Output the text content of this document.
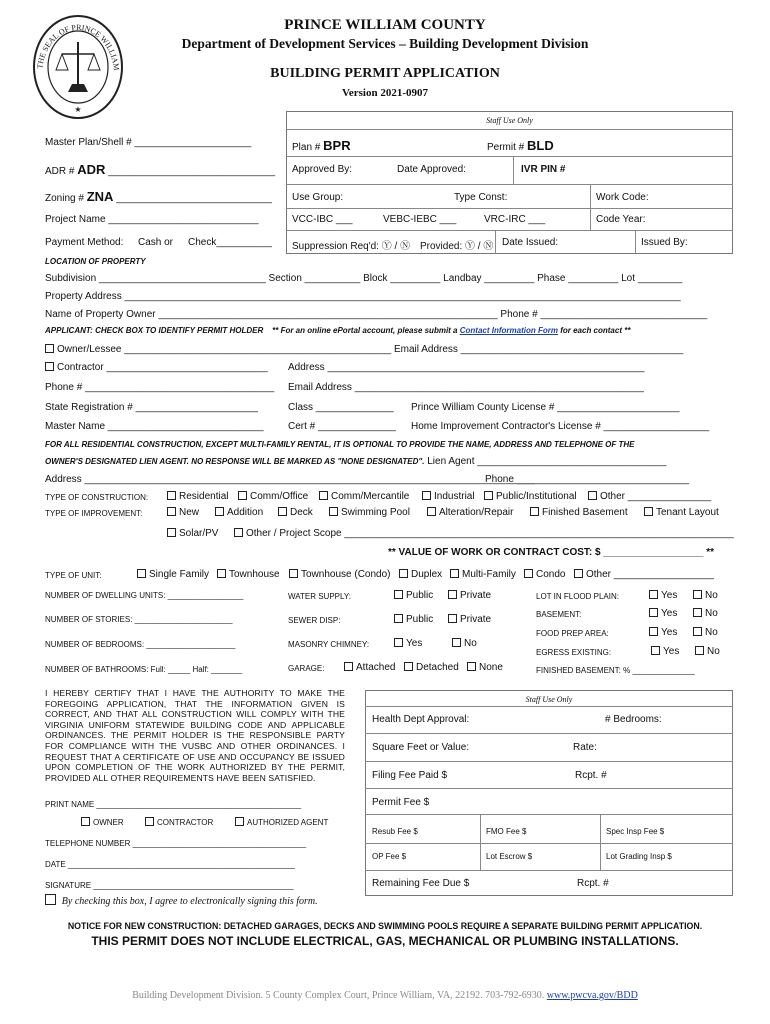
★
THE SEAL OF PRINCE WILLIAM
PRINCE WILLIAM COUNTY
Department of Development Services – Building Development Division
BUILDING PERMIT APPLICATION
Version 2021-0907
Staff Use Only
Plan # BPR	Permit # BLD
Approved By:	Date Approved:	IVR PIN #
Use Group:	Type Const:	Work Code:
VCC-IBC ___	VEBC-IEBC ___	VRC-IRC ___	Code Year:
Suppression Req'd: Ⓨ / Ⓝ Provided: Ⓨ / Ⓝ Date Issued:	Issued By:
Master Plan/Shell # _____________________
ADR # ADR ______________________________
Zoning # ZNA ____________________________
Project Name ___________________________
Payment Method: Cash or Check__________
LOCATION OF PROPERTY
Subdivision ______________________________ Section __________ Block _________ Landbay _________ Phase _________ Lot ________
Property Address ____________________________________________________________________________________________________
Name of Property Owner _____________________________________________________________ Phone # ______________________________
APPLICANT: CHECK BOX TO IDENTIFY PERMIT HOLDER ** For an online ePortal account, please submit a Contact Information Form for each contact **
Owner/Lessee ________________________________________________ Email Address ________________________________________
Contractor _____________________________ Address _________________________________________________________
Phone # __________________________________ Email Address ____________________________________________________
State Registration # ______________________	Class ______________ Prince William County License # ______________________
Master Name ____________________________ Cert # ______________ Home Improvement Contractor's License # ___________________
FOR ALL RESIDENTIAL CONSTRUCTION, EXCEPT MULTI-FAMILY RENTAL, IT IS OPTIONAL TO PROVIDE THE NAME, ADDRESS AND TELEPHONE OF THE
OWNER'S DESIGNATED LIEN AGENT. NO RESPONSE WILL BE MARKED AS "NONE DESIGNATED". Lien Agent __________________________________
Address _________________________________________________________________________________
Phone _______________________________
TYPE OF CONSTRUCTION:	Residential	Comm/Office	Comm/Mercantile	Industrial	Public/Institutional	Other _______________
TYPE OF IMPROVEMENT:	New	Addition	Deck	Swimming Pool	Alteration/Repair	Finished Basement	Tenant Layout
Solar/PV	Other / Project Scope ______________________________________________________________________
** VALUE OF WORK OR CONTRACT COST: $ __________________ **
TYPE OF UNIT:	Single Family	Townhouse	Townhouse (Condo)	Duplex	Multi-Family	Condo	Other __________________
NUMBER OF DWELLING UNITS: _________________
NUMBER OF STORIES: ______________________
NUMBER OF BEDROOMS: ____________________
NUMBER OF BATHROOMS: Full: _____ Half: _______
WATER SUPPLY:	Public	Private
SEWER DISP:	Public	Private
MASONRY CHIMNEY:	Yes	No
GARAGE:	Attached	Detached	None
LOT IN FLOOD PLAIN:	Yes	No
BASEMENT:	Yes	No
FOOD PREP AREA:	Yes	No
EGRESS EXISTING:	Yes	No
FINISHED BASEMENT: % ______________
I HEREBY CERTIFY THAT I HAVE THE AUTHORITY TO MAKE THE FOREGOING APPLICATION, THAT THE INFORMATION GIVEN IS CORRECT, AND THAT ALL CONSTRUCTION WILL COMPLY WITH THE VIRGINIA UNIFORM STATEWIDE BUILDING CODE AND APPLICABLE ORDINANCES. THE PERMIT HOLDER IS THE RESPONSIBLE PARTY FOR COMPLIANCE WITH THE VUSBC AND OTHER ORDINANCES. I REQUEST THAT A CERTIFICATE OF USE AND OCCUPANCY BE ISSUED UPON COMPLETION OF THE WORK AUTHORIZED BY THE PERMIT, PROVIDED ALL OTHER REQUIREMENTS HAVE BEEN SATISFIED.
PRINT NAME ______________________________________________
OWNER	CONTRACTOR	AUTHORIZED AGENT
TELEPHONE NUMBER _______________________________________
DATE ___________________________________________________
SIGNATURE _____________________________________________
By checking this box, I agree to electronically signing this form.
Staff Use Only
Health Dept Approval:	# Bedrooms:
Square Feet or Value:	Rate:
Filing Fee Paid $	Rcpt. #
Permit Fee $
Resub Fee $	FMO Fee $	Spec Insp Fee $
OP Fee $	Lot Escrow $	Lot Grading Insp $
Remaining Fee Due $	Rcpt. #
NOTICE FOR NEW CONSTRUCTION: DETACHED GARAGES, DECKS AND SWIMMING POOLS REQUIRE A SEPARATE BUILDING PERMIT APPLICATION.
THIS PERMIT DOES NOT INCLUDE ELECTRICAL, GAS, MECHANICAL OR PLUMBING INSTALLATIONS.
Building Development Division. 5 County Complex Court, Prince William, VA, 22192. 703-792-6930. www.pwcva.gov/BDD
